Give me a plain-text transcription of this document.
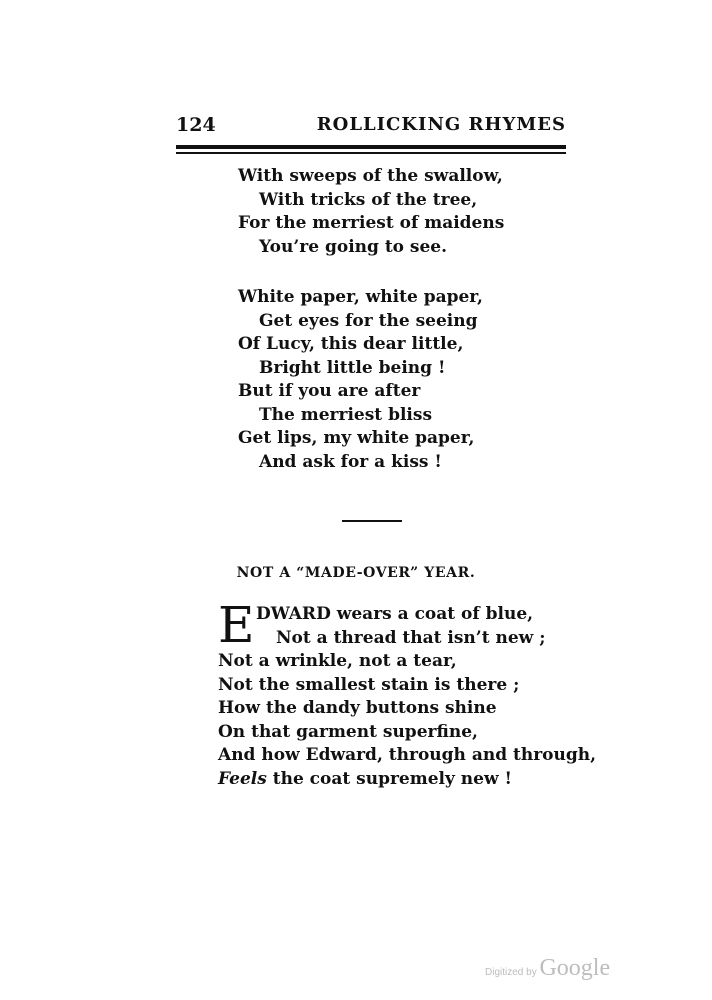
124	ROLLICKING RHYMES
With sweeps of the swallow,
With tricks of the tree,
For the merriest of maidens
You’re going to see.
White paper, white paper,
Get eyes for the seeing
Of Lucy, this dear little,
Bright little being !
But if you are after
The merriest bliss
Get lips, my white paper,
And ask for a kiss !
NOT A “MADE-OVER” YEAR.
E DWARD wears a coat of blue,
Not a thread that isn’t new ;
Not a wrinkle, not a tear,
Not the smallest stain is there ;
How the dandy buttons shine
On that garment superfine,
And how Edward, through and through,
Feels the coat supremely new !
Digitized by Google
